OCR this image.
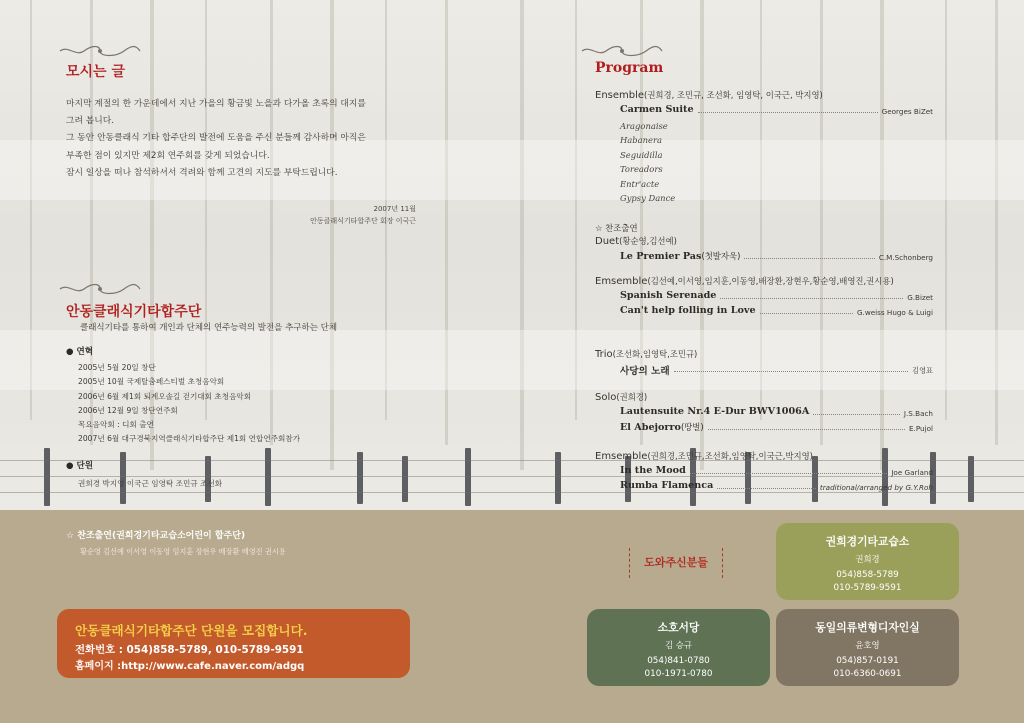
모시는 글
마지막 계절의 한 가운데에서 지난 가을의 황금빛 노을과 다가올 초록의 대지를
그려 봅니다.
그 동안 안동클래식 기타 합주단의 발전에 도움을 주신 분들께 감사하며 아직은
부족한 점이 있지만 제2회 연주회를 갖게 되었습니다.
잠시 일상을 떠나 참석하셔서 격려와 함께 고견의 지도를 부탁드립니다.
2007년 11월
안동클래식기타합주단 회장 이국근
안동클래식기타합주단
클래식기타를 통하여 개인과 단체의 연주능력의 발전을 추구하는 단체
● 연혁
2005년 5월 20일 창단
2005년 10월 국제탈춤페스티벌 초청음악회
2006년 6월 제1회 퇴계오솔길 걷기대회 초청음악회
2006년 12월 9일 창단연주회
목요음악회 : 디회 출연
2007년 6월 대구경북지역클래식기타합주단 제1회 연합연주회참가
● 단원
권희경 박지영 이국근 임영탁 조민규 조선화
Program
Ensemble(권희경, 조민규, 조선화, 임영탁, 이국근, 박지영)
Carmen Suite	Georges BiZet
Aragonaise
Habanera
Seguidilla
Toreadors
Entr'acte
Gypsy Dance
☆ 찬조출연
Duet(황순영,김선예)
Le Premier Pas(첫발자욱)	C.M.Schonberg
Emsemble(김선예,이서영,임지훈,이동영,배장환,장현우,황순영,배영진,권시용)
Spanish Serenade	G.Bizet
Can't help folling in Love	G.weiss Hugo & Luigi
Trio(조선화,임영탁,조민규)
사당의 노래	김영표
Solo(권희경)
Lautensuite Nr.4 E-Dur BWV1006A	J.S.Bach
El Abejorro(땅벌)	E.Pujol
Emsemble(권희경,조민규,조선화,임영탁,이국근,박지영)
In the Mood	Joe Garland
Rumba Flamenca	traditional/arranged by G.Y.Roh
☆ 찬조출연(권희경기타교습소어린이 합주단)
황순영 김선예 이서영 이동영 임지훈 장현우 배장환 배영진 권시용
안동클래식기타합주단 단원을 모집합니다.
전화번호 : 054)858-5789, 010-5789-9591
홈페이지 :http://www.cafe.naver.com/adgq
도와주신분들
권희경기타교습소
권희경
054)858-5789
010-5789-9591
소호서당
김 승규
054)841-0780
010-1971-0780
동일의류변형디자인실
윤호영
054)857-0191
010-6360-0691
